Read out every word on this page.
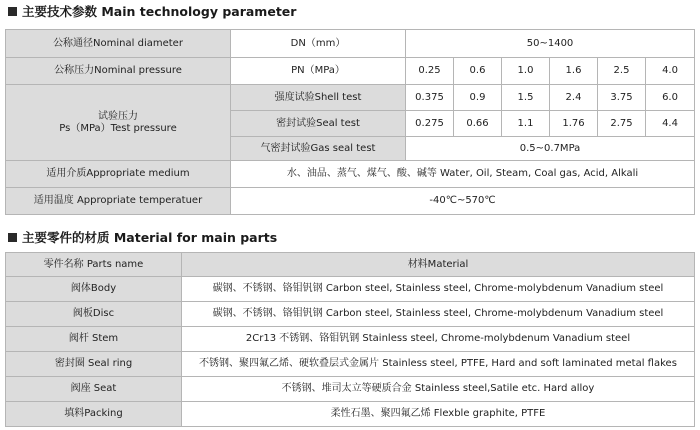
主要技术参数 Main technology parameter
公称通径Nominal diameter	DN（mm）	50~1400					
公称压力Nominal pressure	PN（MPa）	0.25	0.6	1.0	1.6	2.5	4.0

试验压力
Ps（MPa）Test pressure	强度试验Shell test	0.375	0.9	1.5	2.4	3.75	6.0
	密封试验Seal test	0.275	0.66	1.1	1.76	2.75	4.4
	气密封试验Gas seal test	0.5~0.7MPa					
适用介质Appropriate medium	水、油品、蒸气、煤气、酸、碱等 Water, Oil, Steam, Coal gas, Acid, Alkali						
适用温度 Appropriate temperatuer	-40℃~570℃						
主要零件的材质 Material for main parts
零件名称 Parts name	材料Material
阀体Body	碳钢、不锈钢、铬钼钒钢 Carbon steel, Stainless steel, Chrome-molybdenum Vanadium steel
阀板Disc	碳钢、不锈钢、铬钼钒钢 Carbon steel, Stainless steel, Chrome-molybdenum Vanadium steel
阀杆 Stem	2Cr13 不锈钢、铬钼钒钢 Stainless steel, Chrome-molybdenum Vanadium steel
密封圈 Seal ring	不锈钢、聚四氟乙烯、硬软叠层式金属片 Stainless steel, PTFE, Hard and soft laminated metal flakes
阀座 Seat	不锈钢、堆司太立等硬质合金 Stainless steel,Satile etc. Hard alloy
填料Packing	柔性石墨、聚四氟乙烯 Flexble graphite, PTFE
